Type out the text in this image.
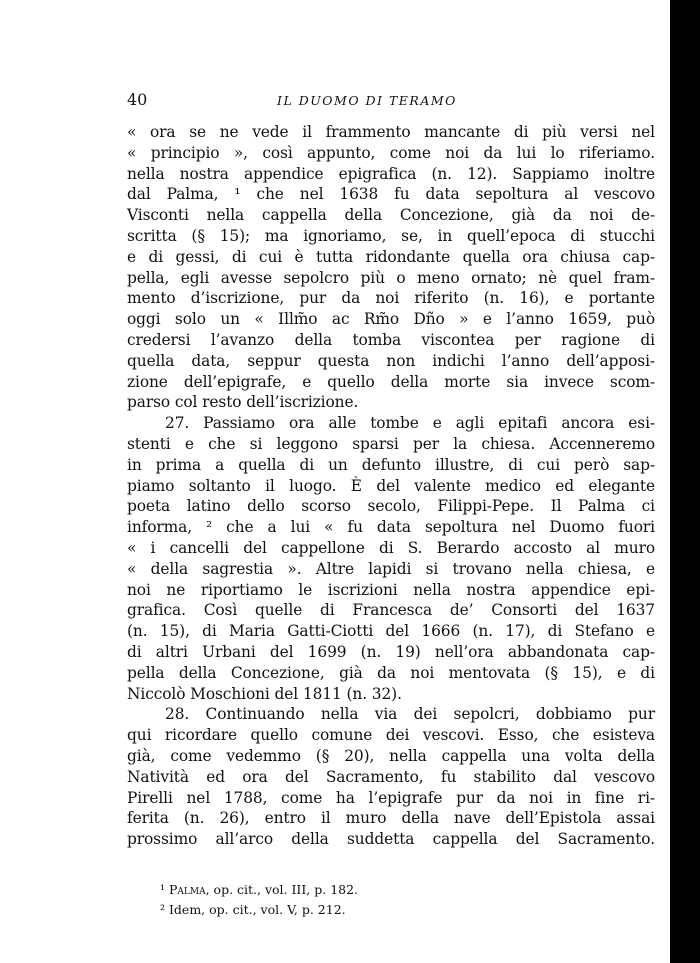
40	IL DUOMO DI TERAMO
« ora se ne vede il frammento mancante di più versi nel
« principio », così appunto, come noi da lui lo riferiamo.
nella nostra appendice epigrafica (n. 12). Sappiamo inoltre
dal Palma, ¹ che nel 1638 fu data sepoltura al vescovo
Visconti nella cappella della Concezione, già da noi de-
scritta (§ 15); ma ignoriamo, se, in quell’epoca di stucchi
e di gessi, di cui è tutta ridondante quella ora chiusa cap-
pella, egli avesse sepolcro più o meno ornato; nè quel fram-
mento d’iscrizione, pur da noi riferito (n. 16), e portante
oggi solo un « Illm̃o ac Rm̃o Dño » e l’anno 1659, può
credersi l’avanzo della tomba viscontea per ragione di
quella data, seppur questa non indichi l’anno dell’apposi-
zione dell’epigrafe, e quello della morte sia invece scom-
parso col resto dell’iscrizione.
27. Passiamo ora alle tombe e agli epitafi ancora esi-
stenti e che si leggono sparsi per la chiesa. Accenneremo
in prima a quella di un defunto illustre, di cui però sap-
piamo soltanto il luogo. È del valente medico ed elegante
poeta latino dello scorso secolo, Filippi-Pepe. Il Palma ci
informa, ² che a lui « fu data sepoltura nel Duomo fuori
« i cancelli del cappellone di S. Berardo accosto al muro
« della sagrestia ». Altre lapidi si trovano nella chiesa, e
noi ne riportiamo le iscrizioni nella nostra appendice epi-
grafica. Così quelle di Francesca de’ Consorti del 1637
(n. 15), di Maria Gatti-Ciotti del 1666 (n. 17), di Stefano e
di altri Urbani del 1699 (n. 19) nell’ora abbandonata cap-
pella della Concezione, già da noi mentovata (§ 15), e di
Niccolò Moschioni del 1811 (n. 32).
28. Continuando nella via dei sepolcri, dobbiamo pur
qui ricordare quello comune dei vescovi. Esso, che esisteva
già, come vedemmo (§ 20), nella cappella una volta della
Natività ed ora del Sacramento, fu stabilito dal vescovo
Pirelli nel 1788, come ha l’epigrafe pur da noi in fine ri-
ferita (n. 26), entro il muro della nave dell’Epistola assai
prossimo all’arco della suddetta cappella del Sacramento.
¹ Palma, op. cit., vol. III, p. 182.
² Idem, op. cit., vol. V, p. 212.
